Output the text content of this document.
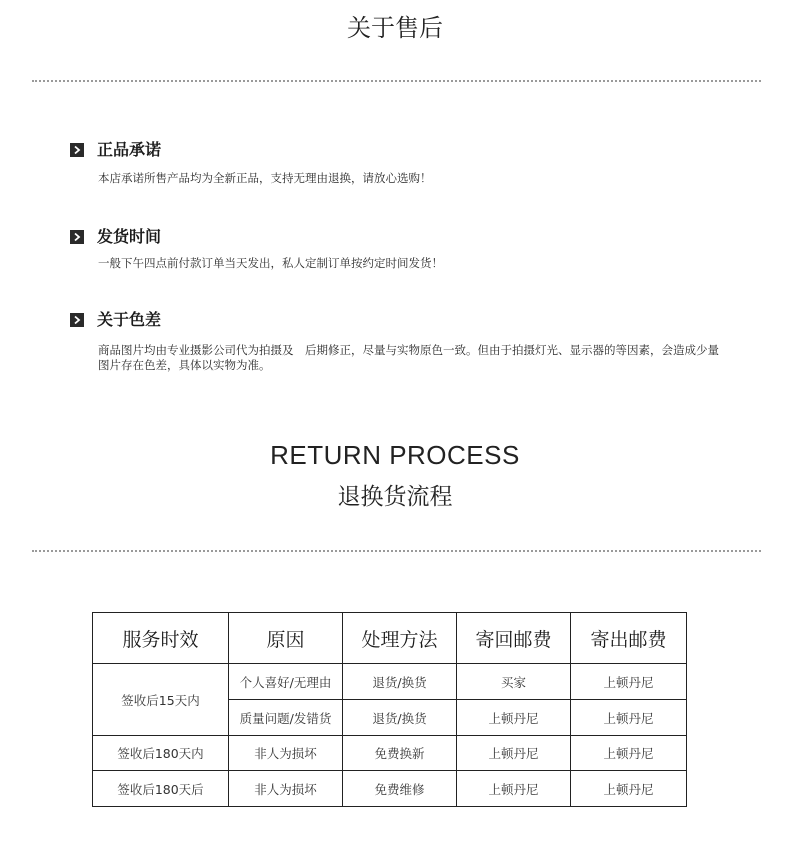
关于售后
正品承诺
本店承诺所售产品均为全新正品，支持无理由退换，请放心选购！
发货时间
一般下午四点前付款订单当天发出，私人定制订单按约定时间发货！
关于色差
商品图片均由专业摄影公司代为拍摄及　后期修正，尽量与实物原色一致。但由于拍摄灯光、显示器的等因素，会造成少量图片存在色差，具体以实物为准。
RETURN PROCESS
退换货流程
服务时效	原因	处理方法	寄回邮费	寄出邮费
签收后15天内	个人喜好/无理由	退货/换货	买家	上顿丹尼
	质量问题/发错货	退货/换货	上顿丹尼	上顿丹尼
签收后180天内	非人为损坏	免费换新	上顿丹尼	上顿丹尼
签收后180天后	非人为损坏	免费维修	上顿丹尼	上顿丹尼
